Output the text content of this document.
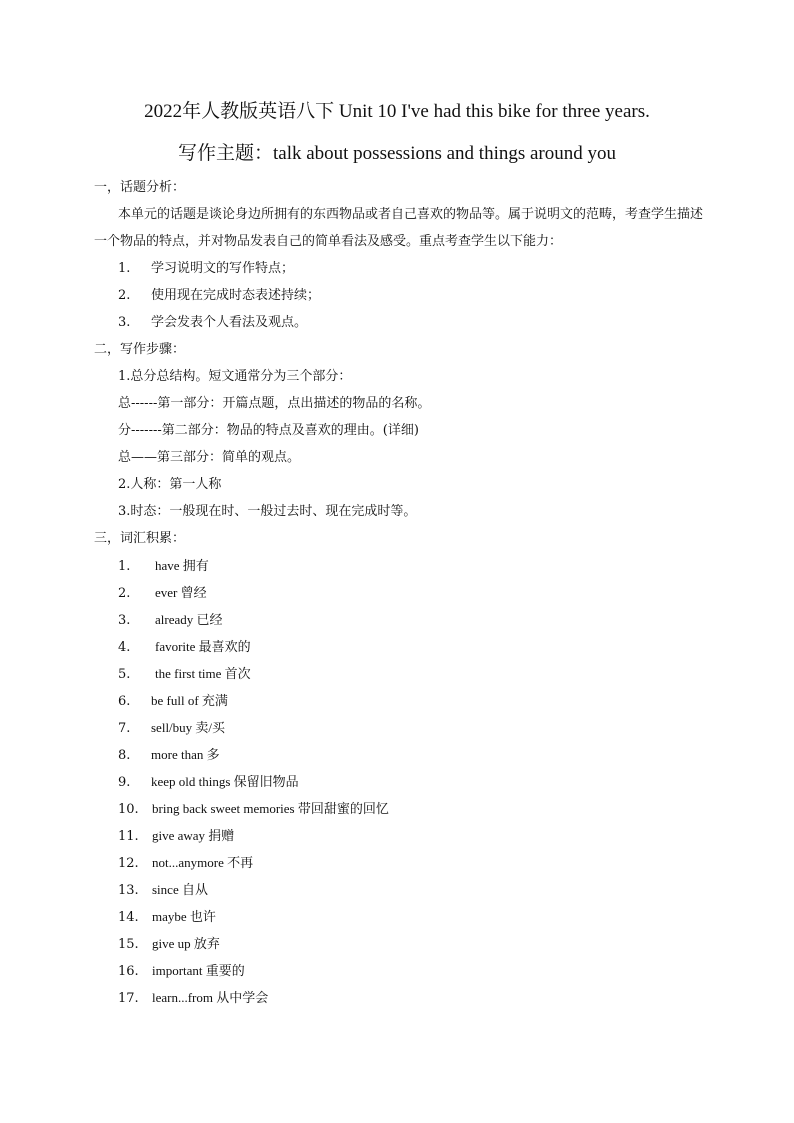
2022年人教版英语八下 Unit 10 I've had this bike for three years.
写作主题：talk about possessions and things around you
一，话题分析：
本单元的话题是谈论身边所拥有的东西物品或者自己喜欢的物品等。属于说明文的范畴，考查学生描述一个物品的特点，并对物品发表自己的简单看法及感受。重点考查学生以下能力：
1.	学习说明文的写作特点；
2.	使用现在完成时态表述持续；
3.	学会发表个人看法及观点。
二，写作步骤：
1.总分总结构。短文通常分为三个部分：
总------第一部分：开篇点题，点出描述的物品的名称。
分-------第二部分：物品的特点及喜欢的理由。(详细)
总——第三部分：简单的观点。
2.人称：第一人称
3.时态：一般现在时、一般过去时、现在完成时等。
三，词汇积累：
1.	have 拥有
2.	ever 曾经
3.	already 已经
4.	favorite 最喜欢的
5.	the first time 首次
6.	be full of 充满
7.	sell/buy 卖/买
8.	more than 多
9.	keep old things 保留旧物品
10.	bring back sweet memories 带回甜蜜的回忆
11.	give away 捐赠
12.	not...anymore 不再
13.	since 自从
14.	maybe 也许
15.	give up 放弃
16.	important 重要的
17.	learn...from 从中学会
